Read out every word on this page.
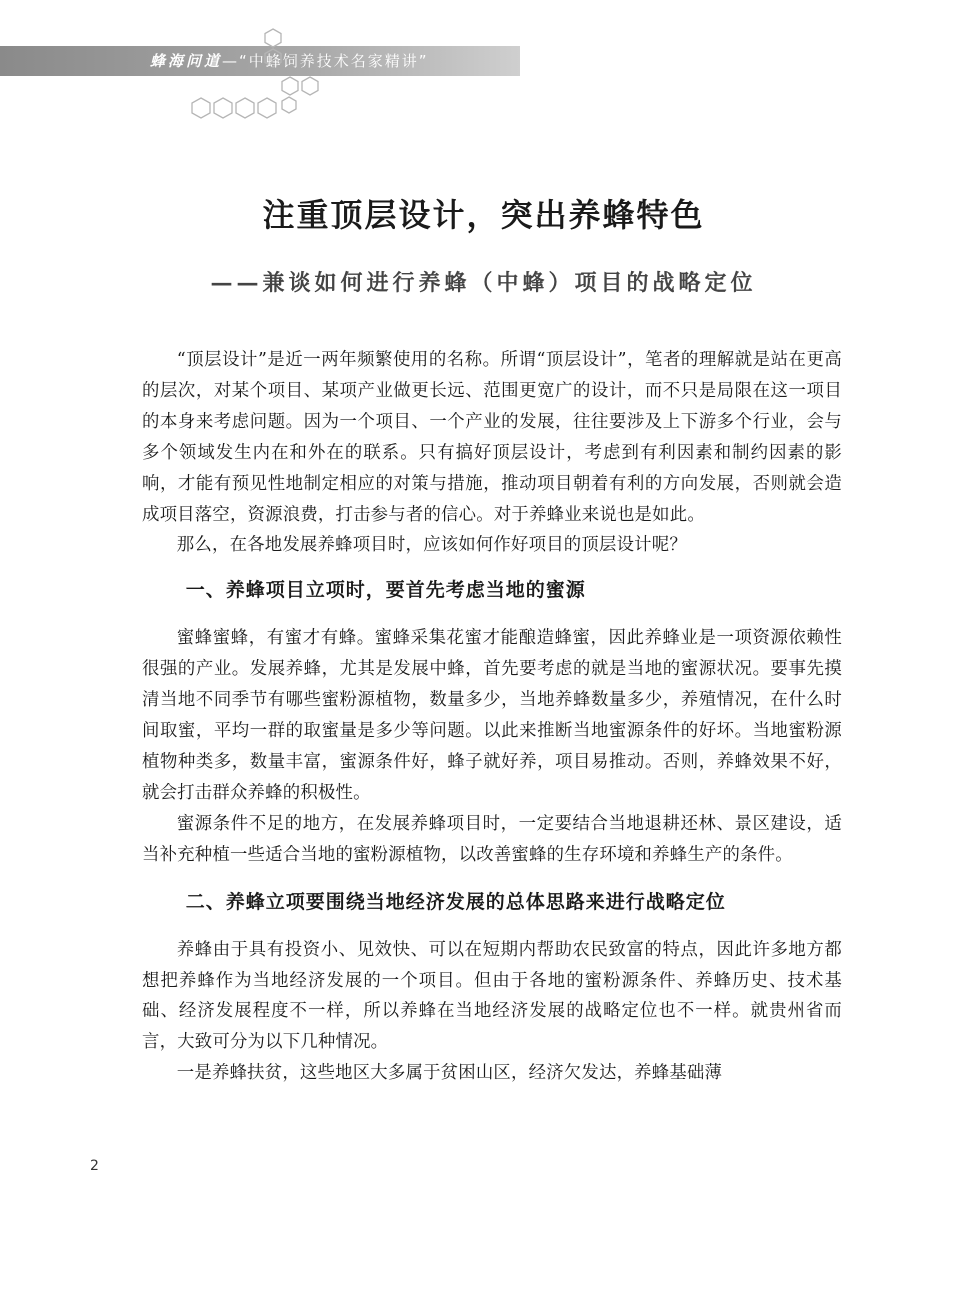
蜂海问道—“中蜂饲养技术名家精讲”
注重顶层设计，突出养蜂特色
——兼谈如何进行养蜂（中蜂）项目的战略定位

“顶层设计”是近一两年频繁使用的名称。所谓“顶层设计”，笔者的理解就是站在更高的层次，对某个项目、某项产业做更长远、范围更宽广的设计，而不只是局限在这一项目的本身来考虑问题。因为一个项目、一个产业的发展，往往要涉及上下游多个行业，会与多个领域发生内在和外在的联系。只有搞好顶层设计，考虑到有利因素和制约因素的影响，才能有预见性地制定相应的对策与措施，推动项目朝着有利的方向发展，否则就会造成项目落空，资源浪费，打击参与者的信心。对于养蜂业来说也是如此。

那么，在各地发展养蜂项目时，应该如何作好项目的顶层设计呢？

一、养蜂项目立项时，要首先考虑当地的蜜源

蜜蜂蜜蜂，有蜜才有蜂。蜜蜂采集花蜜才能酿造蜂蜜，因此养蜂业是一项资源依赖性很强的产业。发展养蜂，尤其是发展中蜂，首先要考虑的就是当地的蜜源状况。要事先摸清当地不同季节有哪些蜜粉源植物，数量多少，当地养蜂数量多少，养殖情况，在什么时间取蜜，平均一群的取蜜量是多少等问题。以此来推断当地蜜源条件的好坏。当地蜜粉源植物种类多，数量丰富，蜜源条件好，蜂子就好养，项目易推动。否则，养蜂效果不好，就会打击群众养蜂的积极性。

蜜源条件不足的地方，在发展养蜂项目时，一定要结合当地退耕还林、景区建设，适当补充种植一些适合当地的蜜粉源植物，以改善蜜蜂的生存环境和养蜂生产的条件。

二、养蜂立项要围绕当地经济发展的总体思路来进行战略定位

养蜂由于具有投资小、见效快、可以在短期内帮助农民致富的特点，因此许多地方都想把养蜂作为当地经济发展的一个项目。但由于各地的蜜粉源条件、养蜂历史、技术基础、经济发展程度不一样，所以养蜂在当地经济发展的战略定位也不一样。就贵州省而言，大致可分为以下几种情况。

一是养蜂扶贫，这些地区大多属于贫困山区，经济欠发达，养蜂基础薄

2
